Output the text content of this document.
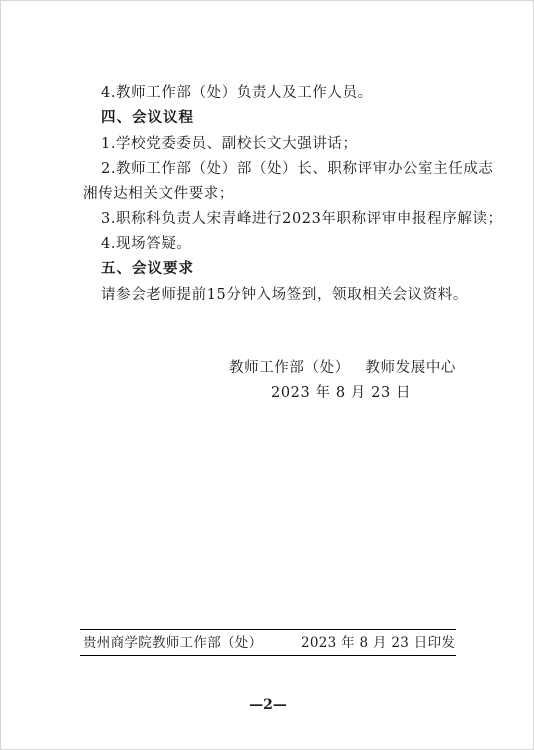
4.教师工作部（处）负责人及工作人员。
四、会议议程
1.学校党委委员、副校长文大强讲话；
2.教师工作部（处）部（处）长、职称评审办公室主任成志
湘传达相关文件要求；
3.职称科负责人宋青峰进行2023年职称评审申报程序解读；
4.现场答疑。
五、会议要求
请参会老师提前15分钟入场签到，领取相关会议资料。
教师工作部（处）   教师发展中心
2023 年 8 月 23 日
贵州商学院教师工作部（处）	2023 年 8 月 23 日印发
—2—
